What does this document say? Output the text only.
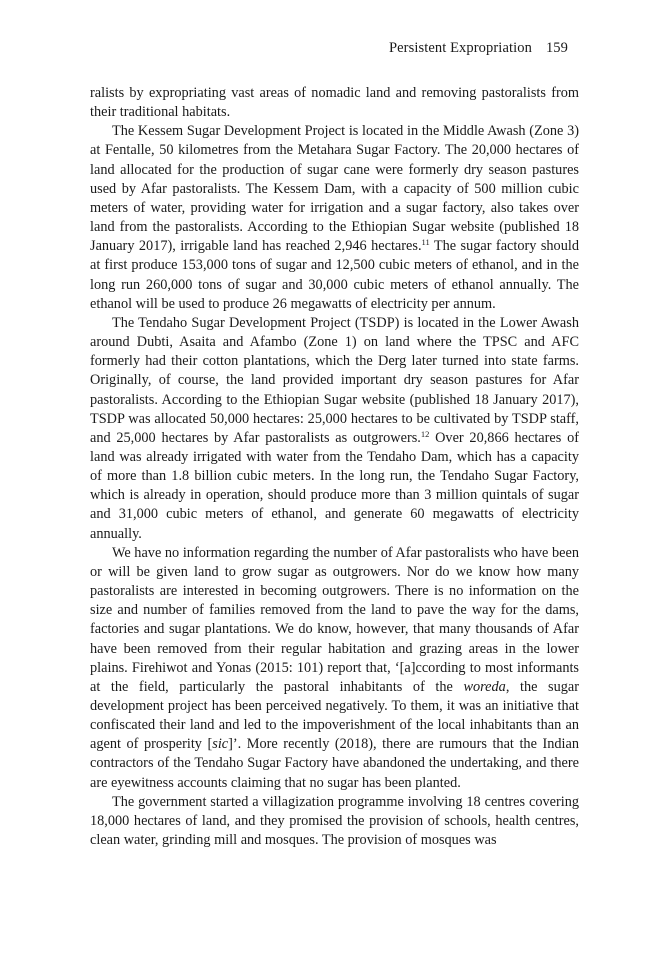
Persistent Expropriation 159

ralists by expropriating vast areas of nomadic land and removing pastoralists from their traditional habitats.

The Kessem Sugar Development Project is located in the Middle Awash (Zone 3) at Fentalle, 50 kilometres from the Metahara Sugar Factory. The 20,000 hectares of land allocated for the production of sugar cane were formerly dry season pastures used by Afar pastoralists. The Kessem Dam, with a capacity of 500 million cubic meters of water, providing water for irrigation and a sugar factory, also takes over land from the pastoralists. According to the Ethiopian Sugar website (published 18 January 2017), irrigable land has reached 2,946 hectares.$^{11}$ The sugar factory should at first produce 153,000 tons of sugar and 12,500 cubic meters of ethanol, and in the long run 260,000 tons of sugar and 30,000 cubic meters of ethanol annually. The ethanol will be used to produce 26 megawatts of electricity per annum.

The Tendaho Sugar Development Project (TSDP) is located in the Lower Awash around Dubti, Asaita and Afambo (Zone 1) on land where the TPSC and AFC formerly had their cotton plantations, which the Derg later turned into state farms. Originally, of course, the land provided important dry season pastures for Afar pastoralists. According to the Ethiopian Sugar website (published 18 January 2017), TSDP was allocated 50,000 hectares: 25,000 hectares to be cultivated by TSDP staff, and 25,000 hectares by Afar pastoralists as outgrowers.$^{12}$ Over 20,866 hectares of land was already irrigated with water from the Tendaho Dam, which has a capacity of more than 1.8 billion cubic meters. In the long run, the Tendaho Sugar Factory, which is already in operation, should produce more than 3 million quintals of sugar and 31,000 cubic meters of ethanol, and generate 60 megawatts of electricity annually.

We have no information regarding the number of Afar pastoralists who have been or will be given land to grow sugar as outgrowers. Nor do we know how many pastoralists are interested in becoming outgrowers. There is no information on the size and number of families removed from the land to pave the way for the dams, factories and sugar plantations. We do know, however, that many thousands of Afar have been removed from their regular habitation and grazing areas in the lower plains. Firehiwot and Yonas (2015: 101) report that, ‘[a]ccording to most informants at the field, particularly the pastoral inhabitants of the woreda, the sugar development project has been perceived negatively. To them, it was an initiative that confiscated their land and led to the impoverishment of the local inhabitants than an agent of prosperity [sic]’. More recently (2018), there are rumours that the Indian contractors of the Tendaho Sugar Factory have abandoned the undertaking, and there are eyewitness accounts claiming that no sugar has been planted.

The government started a villagization programme involving 18 centres covering 18,000 hectares of land, and they promised the provision of schools, health centres, clean water, grinding mill and mosques. The provision of mosques was
